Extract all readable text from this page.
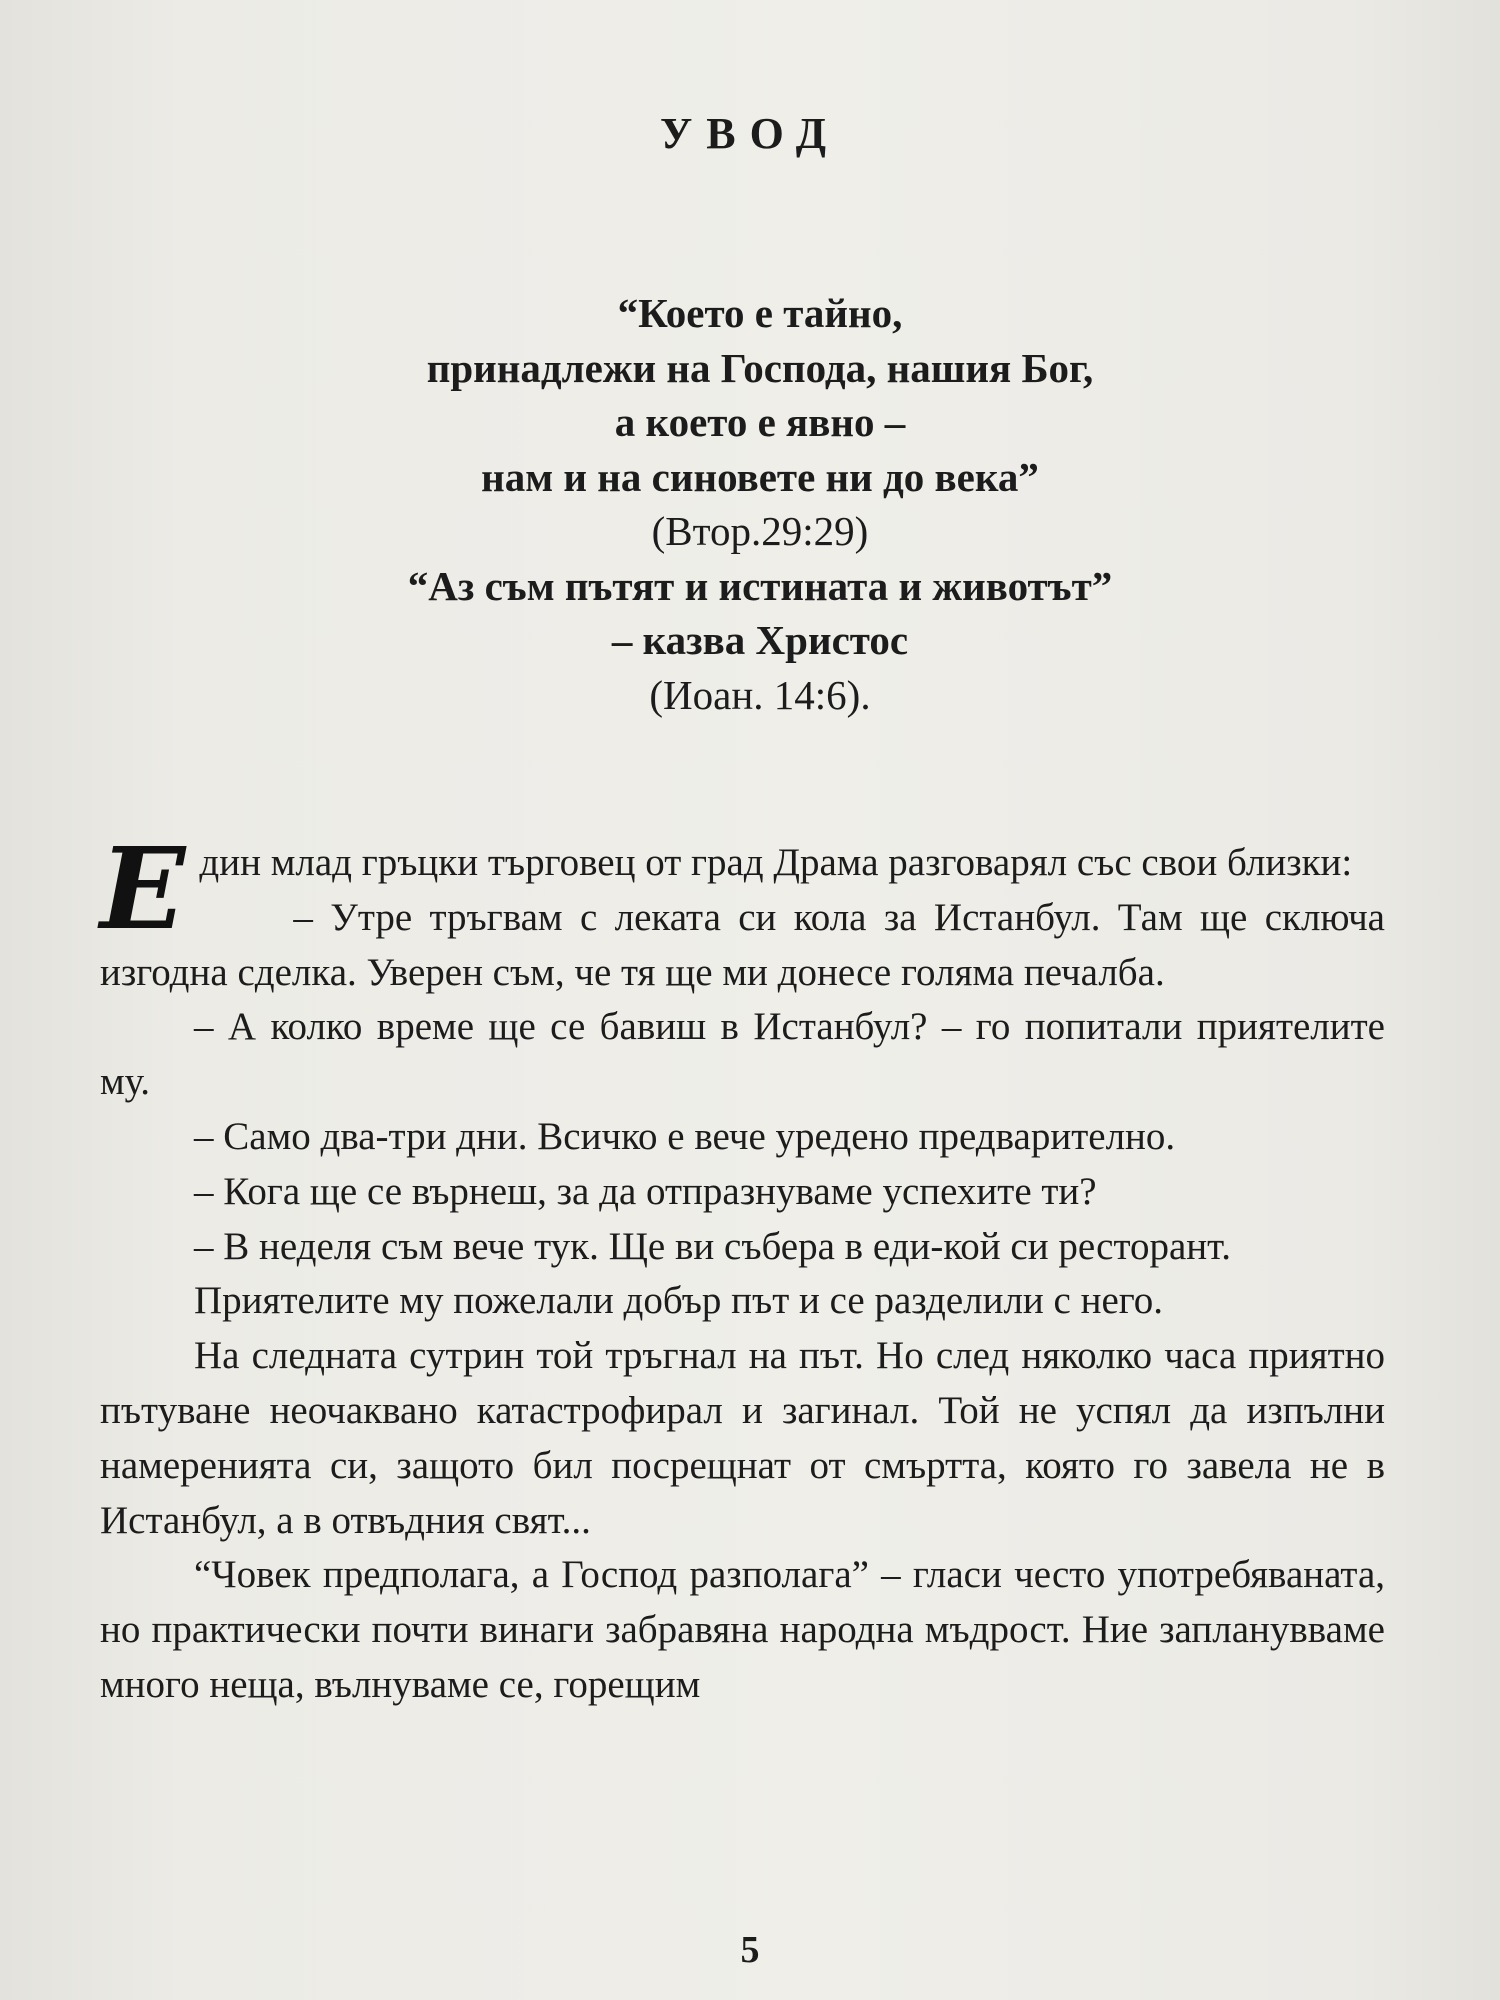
УВОД
“Което е тайно,
принадлежи на Господа, нашия Бог,
а което е явно –
нам и на синовете ни до века”
(Втор.29:29)
“Аз съм пътят и истината и животът”
– казва Христос
(Иоан. 14:6).

Един млад гръцки търговец от град Драма разговарял със свои близки:

– Утре тръгвам с леката си кола за Истанбул. Там ще сключа изгодна сделка. Уверен съм, че тя ще ми донесе голяма печалба.

– А колко време ще се бавиш в Истанбул? – го попитали приятелите му.

– Само два-три дни. Всичко е вече уредено предварително.

– Кога ще се върнеш, за да отпразнуваме успехите ти?

– В неделя съм вече тук. Ще ви събера в еди-кой си ресторант.

Приятелите му пожелали добър път и се разделили с него.

На следната сутрин той тръгнал на път. Но след няколко часа приятно пътуване неочаквано катастрофирал и загинал. Той не успял да изпълни намеренията си, защото бил посрещнат от смъртта, която го завела не в Истанбул, а в отвъдния свят...

“Човек предполага, а Господ разполага” – гласи често употребяваната, но практически почти винаги забравяна народна мъдрост. Ние запланувваме много неща, вълнуваме се, горещим

5
